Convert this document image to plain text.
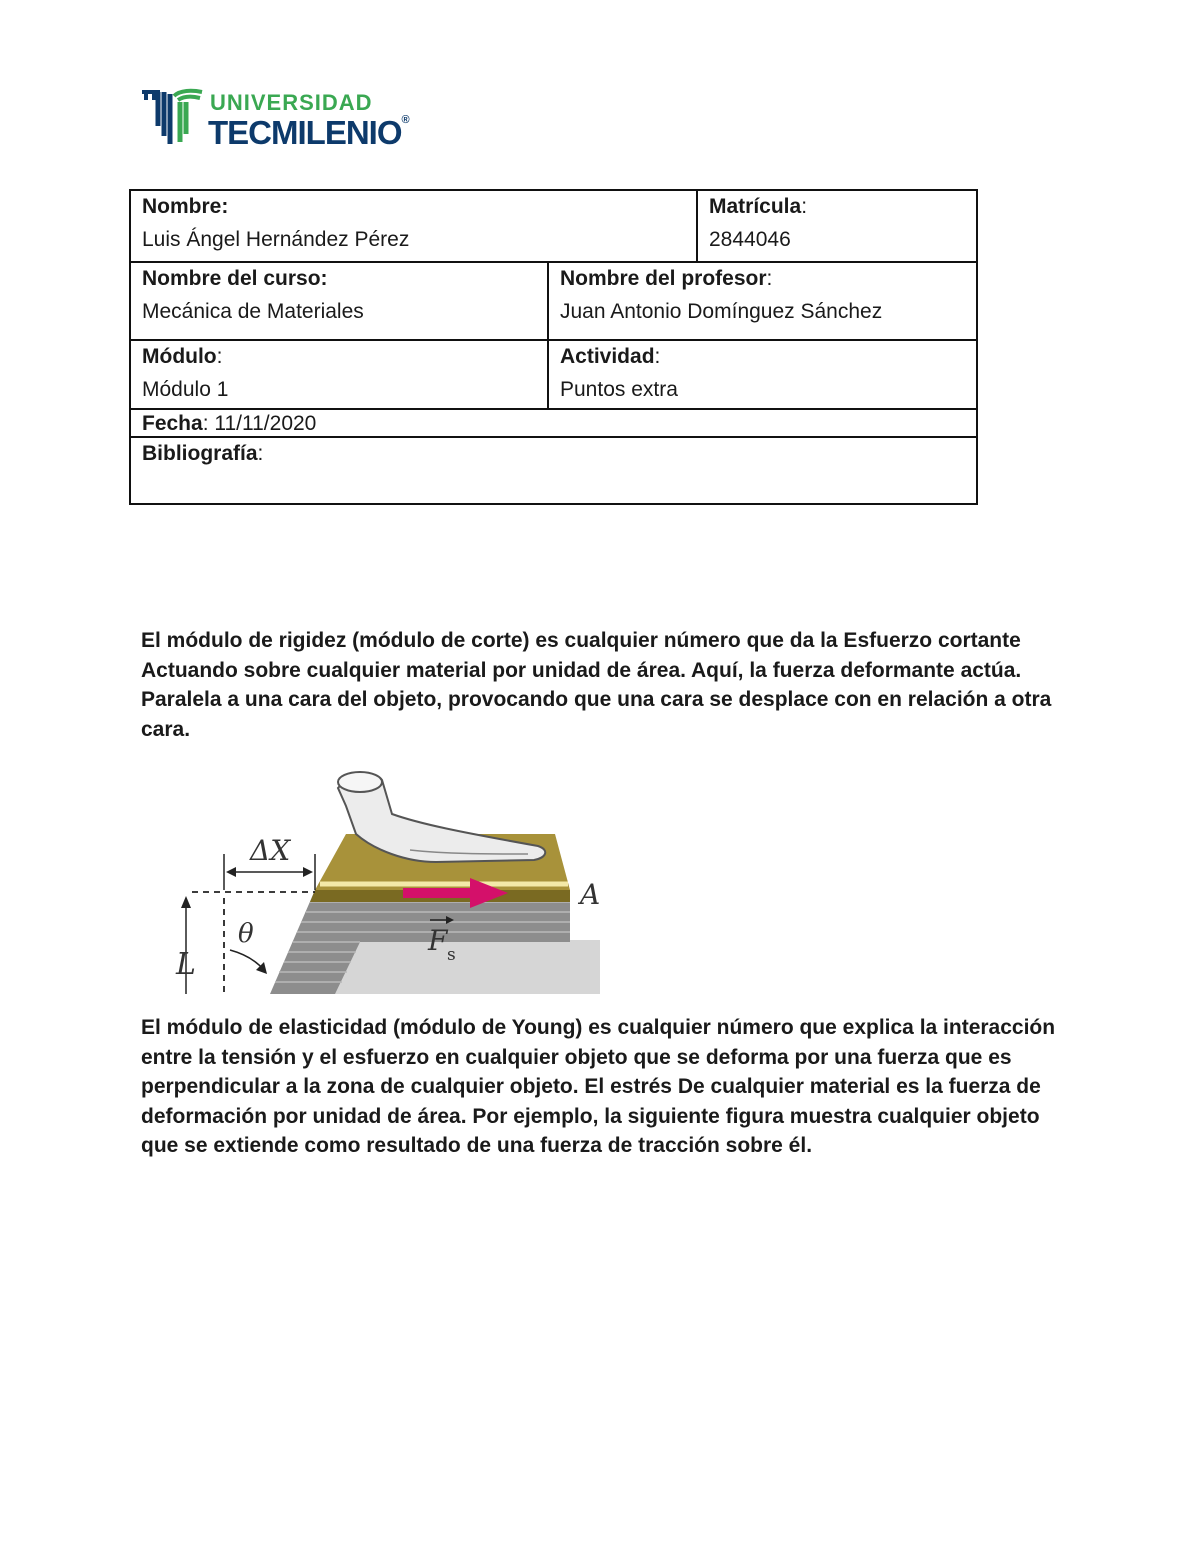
UNIVERSIDAD
TECMILENIO®
Nombre:
Luis Ángel Hernández Pérez
Matrícula:
2844046
Nombre del curso:
Mecánica de Materiales
Nombre del profesor:
Juan Antonio Domínguez Sánchez
Módulo:
Módulo 1
Actividad:
Puntos extra
Fecha: 11/11/2020
Bibliografía:

El módulo de rigidez (módulo de corte) es cualquier número que da la Esfuerzo cortante Actuando sobre cualquier material por unidad de área. Aquí, la fuerza deformante actúa. Paralela a una cara del objeto, provocando que una cara se desplace con en relación a otra cara.

ΔX
L
θ
A
F s

El módulo de elasticidad (módulo de Young) es cualquier número que explica la interacción entre la tensión y el esfuerzo en cualquier objeto que se deforma por una fuerza que es perpendicular a la zona de cualquier objeto. El estrés De cualquier material es la fuerza de deformación por unidad de área. Por ejemplo, la siguiente figura muestra cualquier objeto que se extiende como resultado de una fuerza de tracción sobre él.
